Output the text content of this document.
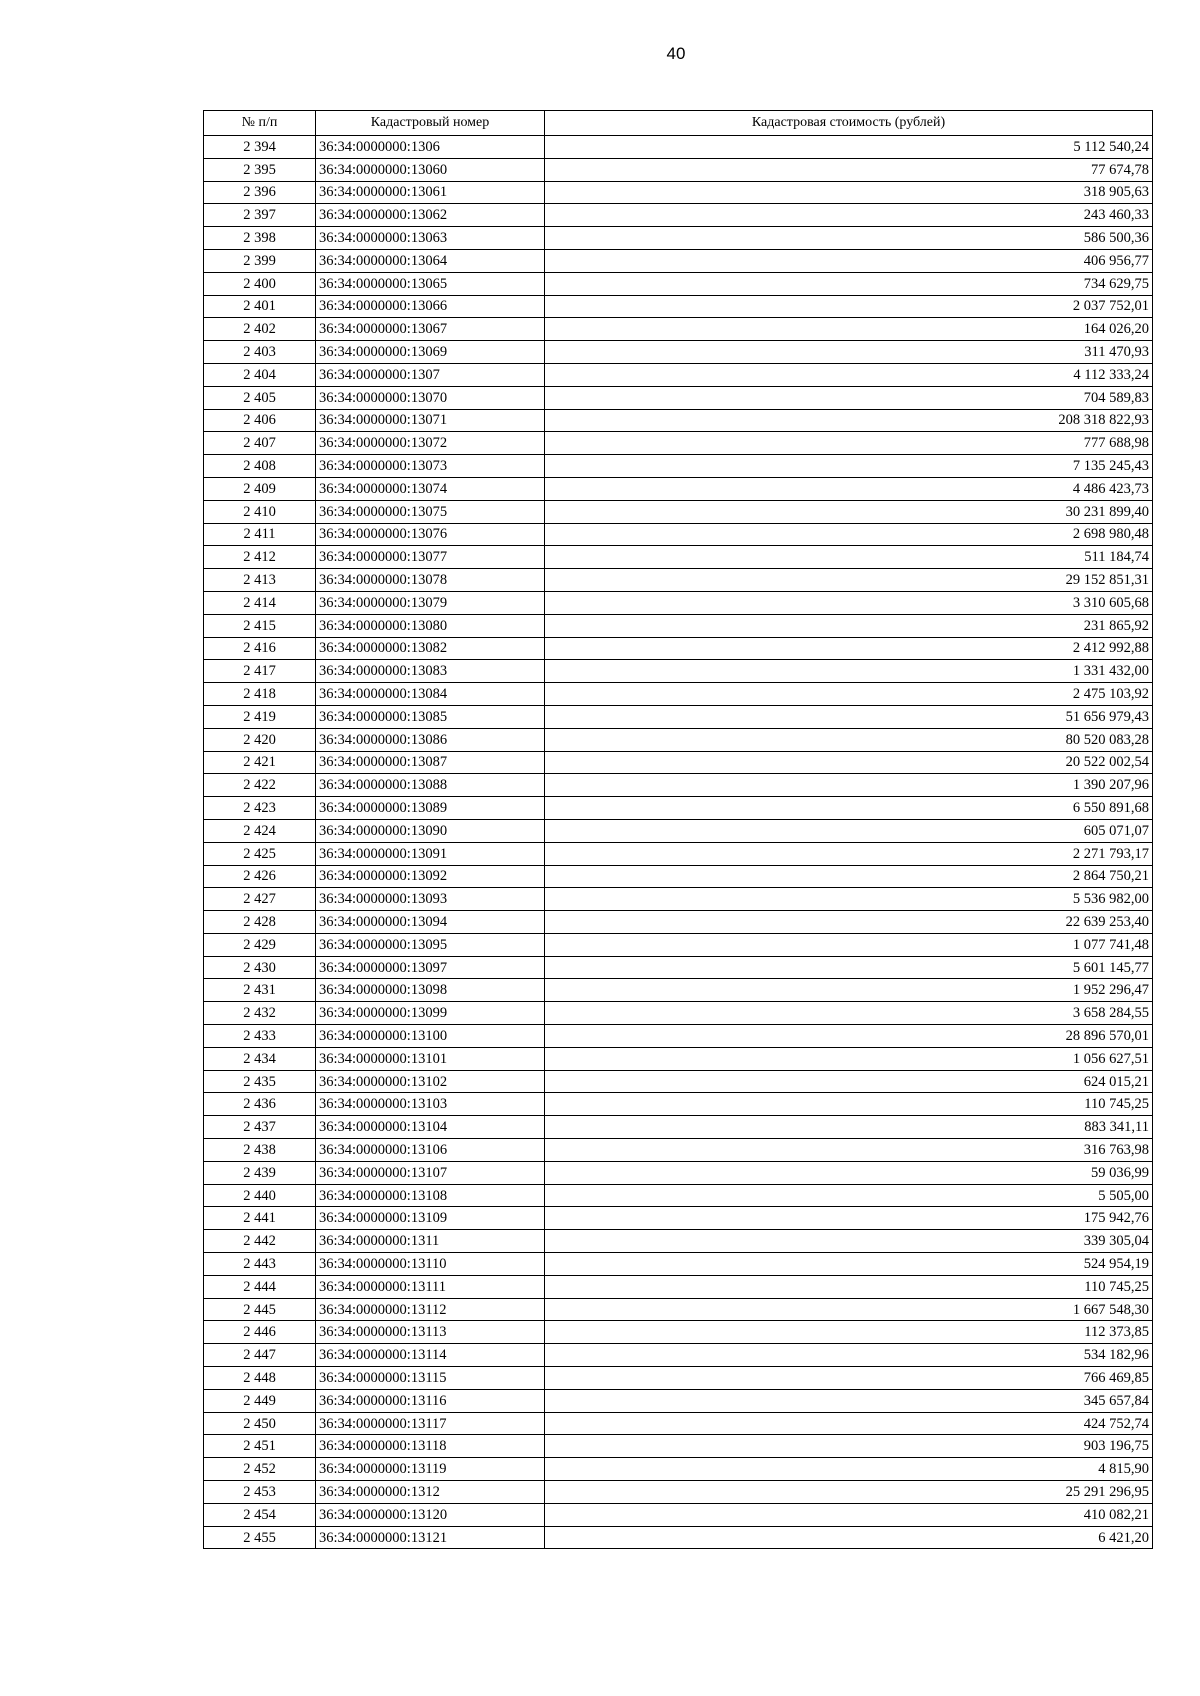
40
№ п/п	Кадастровый номер	Кадастровая стоимость (рублей)
2 394	36:34:0000000:1306	5 112 540,24
2 395	36:34:0000000:13060	77 674,78
2 396	36:34:0000000:13061	318 905,63
2 397	36:34:0000000:13062	243 460,33
2 398	36:34:0000000:13063	586 500,36
2 399	36:34:0000000:13064	406 956,77
2 400	36:34:0000000:13065	734 629,75
2 401	36:34:0000000:13066	2 037 752,01
2 402	36:34:0000000:13067	164 026,20
2 403	36:34:0000000:13069	311 470,93
2 404	36:34:0000000:1307	4 112 333,24
2 405	36:34:0000000:13070	704 589,83
2 406	36:34:0000000:13071	208 318 822,93
2 407	36:34:0000000:13072	777 688,98
2 408	36:34:0000000:13073	7 135 245,43
2 409	36:34:0000000:13074	4 486 423,73
2 410	36:34:0000000:13075	30 231 899,40
2 411	36:34:0000000:13076	2 698 980,48
2 412	36:34:0000000:13077	511 184,74
2 413	36:34:0000000:13078	29 152 851,31
2 414	36:34:0000000:13079	3 310 605,68
2 415	36:34:0000000:13080	231 865,92
2 416	36:34:0000000:13082	2 412 992,88
2 417	36:34:0000000:13083	1 331 432,00
2 418	36:34:0000000:13084	2 475 103,92
2 419	36:34:0000000:13085	51 656 979,43
2 420	36:34:0000000:13086	80 520 083,28
2 421	36:34:0000000:13087	20 522 002,54
2 422	36:34:0000000:13088	1 390 207,96
2 423	36:34:0000000:13089	6 550 891,68
2 424	36:34:0000000:13090	605 071,07
2 425	36:34:0000000:13091	2 271 793,17
2 426	36:34:0000000:13092	2 864 750,21
2 427	36:34:0000000:13093	5 536 982,00
2 428	36:34:0000000:13094	22 639 253,40
2 429	36:34:0000000:13095	1 077 741,48
2 430	36:34:0000000:13097	5 601 145,77
2 431	36:34:0000000:13098	1 952 296,47
2 432	36:34:0000000:13099	3 658 284,55
2 433	36:34:0000000:13100	28 896 570,01
2 434	36:34:0000000:13101	1 056 627,51
2 435	36:34:0000000:13102	624 015,21
2 436	36:34:0000000:13103	110 745,25
2 437	36:34:0000000:13104	883 341,11
2 438	36:34:0000000:13106	316 763,98
2 439	36:34:0000000:13107	59 036,99
2 440	36:34:0000000:13108	5 505,00
2 441	36:34:0000000:13109	175 942,76
2 442	36:34:0000000:1311	339 305,04
2 443	36:34:0000000:13110	524 954,19
2 444	36:34:0000000:13111	110 745,25
2 445	36:34:0000000:13112	1 667 548,30
2 446	36:34:0000000:13113	112 373,85
2 447	36:34:0000000:13114	534 182,96
2 448	36:34:0000000:13115	766 469,85
2 449	36:34:0000000:13116	345 657,84
2 450	36:34:0000000:13117	424 752,74
2 451	36:34:0000000:13118	903 196,75
2 452	36:34:0000000:13119	4 815,90
2 453	36:34:0000000:1312	25 291 296,95
2 454	36:34:0000000:13120	410 082,21
2 455	36:34:0000000:13121	6 421,20
